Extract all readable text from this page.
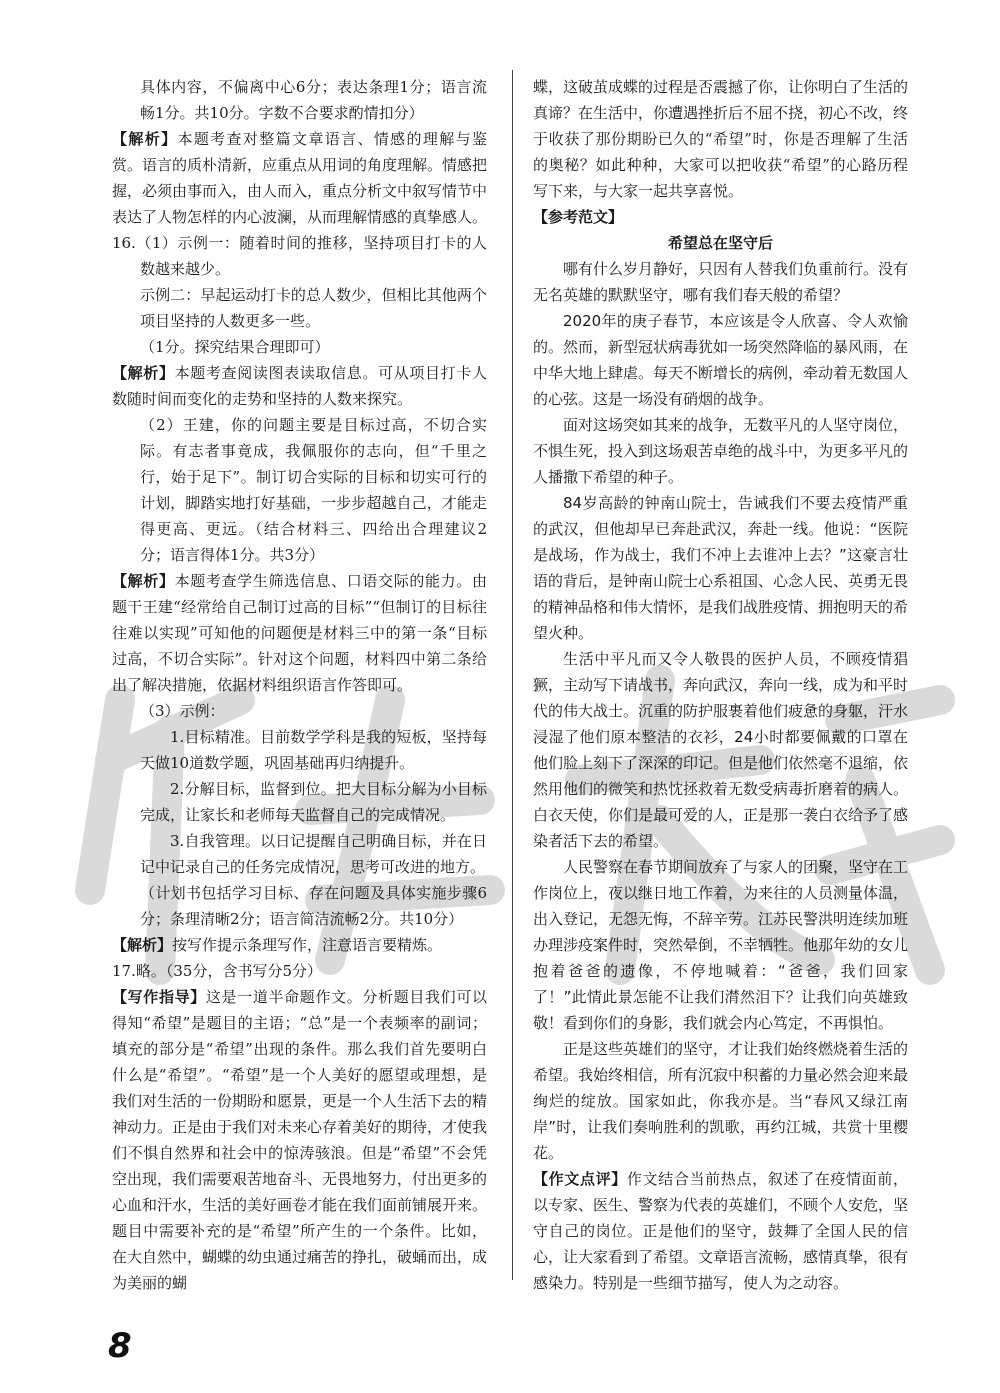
具体内容，不偏离中心6分；表达条理1分；语言流畅1分。共10分。字数不合要求酌情扣分）

【解析】本题考查对整篇文章语言、情感的理解与鉴赏。语言的质朴清新，应重点从用词的角度理解。情感把握，必须由事而入，由人而入，重点分析文中叙写情节中表达了人物怎样的内心波澜，从而理解情感的真挚感人。

16.（1）示例一：随着时间的推移，坚持项目打卡的人数越来越少。

示例二：早起运动打卡的总人数少，但相比其他两个项目坚持的人数更多一些。

（1分。探究结果合理即可）

【解析】本题考查阅读图表读取信息。可从项目打卡人数随时间而变化的走势和坚持的人数来探究。

（2）王建，你的问题主要是目标过高，不切合实际。有志者事竟成，我佩服你的志向，但“千里之行，始于足下”。制订切合实际的目标和切实可行的计划，脚踏实地打好基础，一步步超越自己，才能走得更高、更远。（结合材料三、四给出合理建议2分；语言得体1分。共3分）

【解析】本题考查学生筛选信息、口语交际的能力。由题干王建“经常给自己制订过高的目标”“但制订的目标往往难以实现”可知他的问题便是材料三中的第一条“目标过高，不切合实际”。针对这个问题，材料四中第二条给出了解决措施，依据材料组织语言作答即可。

（3）示例：

1.目标精准。目前数学学科是我的短板，坚持每天做10道数学题，巩固基础再归纳提升。

2.分解目标，监督到位。把大目标分解为小目标完成，让家长和老师每天监督自己的完成情况。

3.自我管理。以日记提醒自己明确目标，并在日记中记录自己的任务完成情况，思考可改进的地方。

（计划书包括学习目标、存在问题及具体实施步骤6分；条理清晰2分；语言简洁流畅2分。共10分）

【解析】按写作提示条理写作，注意语言要精炼。

17.略。（35分，含书写分5分）

【写作指导】这是一道半命题作文。分析题目我们可以得知“希望”是题目的主语；“总”是一个表频率的副词；填充的部分是“希望”出现的条件。那么我们首先要明白什么是“希望”。“希望”是一个人美好的愿望或理想，是我们对生活的一份期盼和愿景，更是一个人生活下去的精神动力。正是由于我们对未来心存着美好的期待，才使我们不惧自然界和社会中的惊涛骇浪。但是“希望”不会凭空出现，我们需要艰苦地奋斗、无畏地努力，付出更多的心血和汗水，生活的美好画卷才能在我们面前铺展开来。题目中需要补充的是“希望”所产生的一个条件。比如，在大自然中，蝴蝶的幼虫通过痛苦的挣扎，破蛹而出，成为美丽的蝴

蝶，这破茧成蝶的过程是否震撼了你，让你明白了生活的真谛？在生活中，你遭遇挫折后不屈不挠，初心不改，终于收获了那份期盼已久的“希望”时，你是否理解了生活的奥秘？如此种种，大家可以把收获“希望”的心路历程写下来，与大家一起共享喜悦。

【参考范文】

希望总在坚守后

哪有什么岁月静好，只因有人替我们负重前行。没有无名英雄的默默坚守，哪有我们春天般的希望？

2020年的庚子春节，本应该是令人欣喜、令人欢愉的。然而，新型冠状病毒犹如一场突然降临的暴风雨，在中华大地上肆虐。每天不断增长的病例，牵动着无数国人的心弦。这是一场没有硝烟的战争。

面对这场突如其来的战争，无数平凡的人坚守岗位，不惧生死，投入到这场艰苦卓绝的战斗中，为更多平凡的人播撒下希望的种子。

84岁高龄的钟南山院士，告诫我们不要去疫情严重的武汉，但他却早已奔赴武汉，奔赴一线。他说：“医院是战场，作为战士，我们不冲上去谁冲上去？”这豪言壮语的背后，是钟南山院士心系祖国、心念人民、英勇无畏的精神品格和伟大情怀，是我们战胜疫情、拥抱明天的希望火种。

生活中平凡而又令人敬畏的医护人员，不顾疫情猖獗，主动写下请战书，奔向武汉，奔向一线，成为和平时代的伟大战士。沉重的防护服裹着他们疲惫的身躯，汗水浸湿了他们原本整洁的衣衫，24小时都要佩戴的口罩在他们脸上刻下了深深的印记。但是他们依然毫不退缩，依然用他们的微笑和热忱拯救着无数受病毒折磨着的病人。白衣天使，你们是最可爱的人，正是那一袭白衣给予了感染者活下去的希望。

人民警察在春节期间放弃了与家人的团聚，坚守在工作岗位上，夜以继日地工作着，为来往的人员测量体温，出入登记，无怨无悔，不辞辛劳。江苏民警洪明连续加班办理涉疫案件时，突然晕倒，不幸牺牲。他那年幼的女儿抱着爸爸的遗像，不停地喊着：“爸爸，我们回家了！”此情此景怎能不让我们潸然泪下？让我们向英雄致敬！看到你们的身影，我们就会内心笃定，不再惧怕。

正是这些英雄们的坚守，才让我们始终燃烧着生活的希望。我始终相信，所有沉寂中积蓄的力量必然会迎来最绚烂的绽放。国家如此，你我亦是。当“春风又绿江南岸”时，让我们奏响胜利的凯歌，再约江城，共赏十里樱花。

【作文点评】作文结合当前热点，叙述了在疫情面前，以专家、医生、警察为代表的英雄们，不顾个人安危，坚守自己的岗位。正是他们的坚守，鼓舞了全国人民的信心，让大家看到了希望。文章语言流畅，感情真挚，很有感染力。特别是一些细节描写，使人为之动容。

8
